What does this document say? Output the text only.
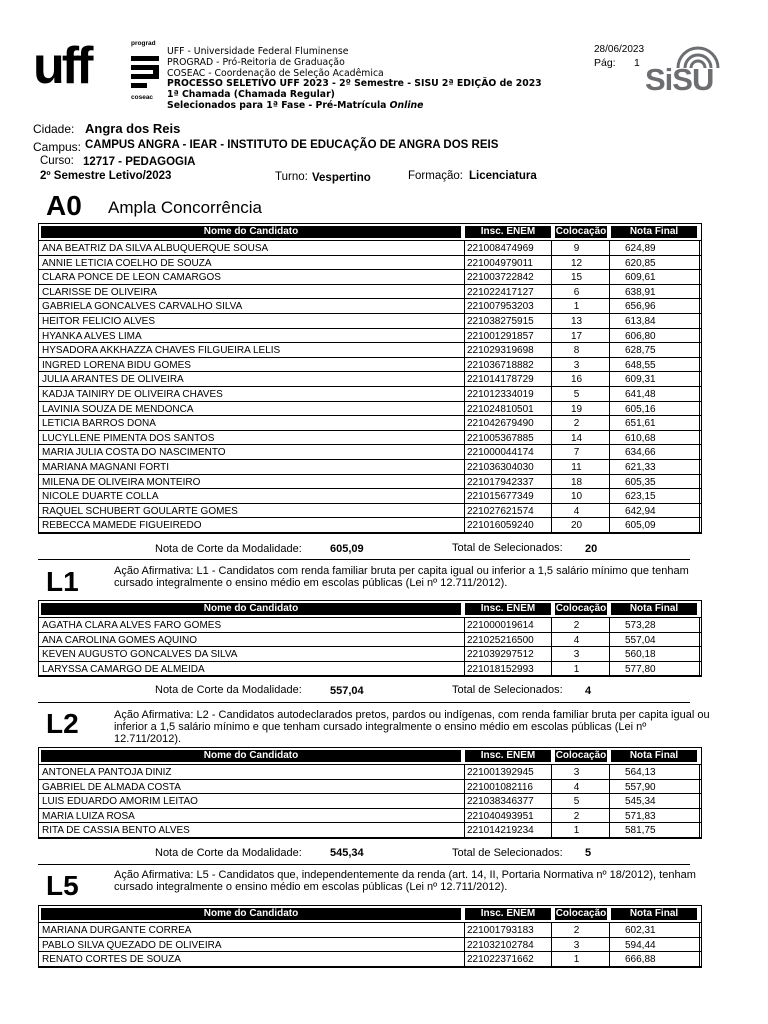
uff	prograd
coseac
UFF - Universidade Federal Fluminense
PROGRAD - Pró-Reitoria de Graduação
COSEAC - Coordenação de Seleção Acadêmica
PROCESSO SELETIVO UFF 2023 - 2º Semestre - SISU 2ª EDIÇÃO de 2023
1ª Chamada (Chamada Regular)
Selecionados para 1ª Fase - Pré-Matrícula Online
28/06/2023
Pág: 1 SiSU
Cidade: Angra dos Reis
Campus: CAMPUS ANGRA - IEAR - INSTITUTO DE EDUCAÇÃO DE ANGRA DOS REIS
Curso: 12717 - PEDAGOGIA
2º Semestre Letivo/2023	Turno: Vespertino	Formação: Licenciatura
A0 Ampla Concorrência
Nome do Candidato	Insc. ENEM	Colocação	Nota Final
ANA BEATRIZ DA SILVA ALBUQUERQUE SOUSA	221008474969	9	624,89
ANNIE LETICIA COELHO DE SOUZA	221004979011	12	620,85
CLARA PONCE DE LEON CAMARGOS	221003722842	15	609,61
CLARISSE DE OLIVEIRA	221022417127	6	638,91
GABRIELA GONCALVES CARVALHO SILVA	221007953203	1	656,96
HEITOR FELICIO ALVES	221038275915	13	613,84
HYANKA ALVES LIMA	221001291857	17	606,80
HYSADORA AKKHAZZA CHAVES FILGUEIRA LELIS	221029319698	8	628,75
INGRED LORENA BIDU GOMES	221036718882	3	648,55
JULIA ARANTES DE OLIVEIRA	221014178729	16	609,31
KADJA TAINIRY DE OLIVEIRA CHAVES	221012334019	5	641,48
LAVINIA SOUZA DE MENDONCA	221024810501	19	605,16
LETICIA BARROS DONA	221042679490	2	651,61
LUCYLLENE PIMENTA DOS SANTOS	221005367885	14	610,68
MARIA JULIA COSTA DO NASCIMENTO	221000044174	7	634,66
MARIANA MAGNANI FORTI	221036304030	11	621,33
MILENA DE OLIVEIRA MONTEIRO	221017942337	18	605,35
NICOLE DUARTE COLLA	221015677349	10	623,15
RAQUEL SCHUBERT GOULARTE GOMES	221027621574	4	642,94
REBECCA MAMEDE FIGUEIREDO	221016059240	20	605,09
Nota de Corte da Modalidade:	605,09	Total de Selecionados: 20
L1	Ação Afirmativa: L1 - Candidatos com renda familiar bruta per capita igual ou inferior a 1,5 salário mínimo que tenham cursado integralmente o ensino médio em escolas públicas (Lei nº 12.711/2012).
Nome do Candidato	Insc. ENEM	Colocação	Nota Final
AGATHA CLARA ALVES FARO GOMES	221000019614	2	573,28
ANA CAROLINA GOMES AQUINO	221025216500	4	557,04
KEVEN AUGUSTO GONCALVES DA SILVA	221039297512	3	560,18
LARYSSA CAMARGO DE ALMEIDA	221018152993	1	577,80
Nota de Corte da Modalidade:	557,04	Total de Selecionados: 4
L2	Ação Afirmativa: L2 - Candidatos autodeclarados pretos, pardos ou indígenas, com renda familiar bruta per capita igual ou inferior a 1,5 salário mínimo e que tenham cursado integralmente o ensino médio em escolas públicas (Lei nº 12.711/2012).
Nome do Candidato	Insc. ENEM	Colocação	Nota Final
ANTONELA PANTOJA DINIZ	221001392945	3	564,13
GABRIEL DE ALMADA COSTA	221001082116	4	557,90
LUIS EDUARDO AMORIM LEITAO	221038346377	5	545,34
MARIA LUIZA ROSA	221040493951	2	571,83
RITA DE CASSIA BENTO ALVES	221014219234	1	581,75
Nota de Corte da Modalidade:	545,34	Total de Selecionados: 5
L5	Ação Afirmativa: L5 - Candidatos que, independentemente da renda (art. 14, II, Portaria Normativa nº 18/2012), tenham cursado integralmente o ensino médio em escolas públicas (Lei nº 12.711/2012).
Nome do Candidato	Insc. ENEM	Colocação	Nota Final
MARIANA DURGANTE CORREA	221001793183	2	602,31
PABLO SILVA QUEZADO DE OLIVEIRA	221032102784	3	594,44
RENATO CORTES DE SOUZA	221022371662	1	666,88
